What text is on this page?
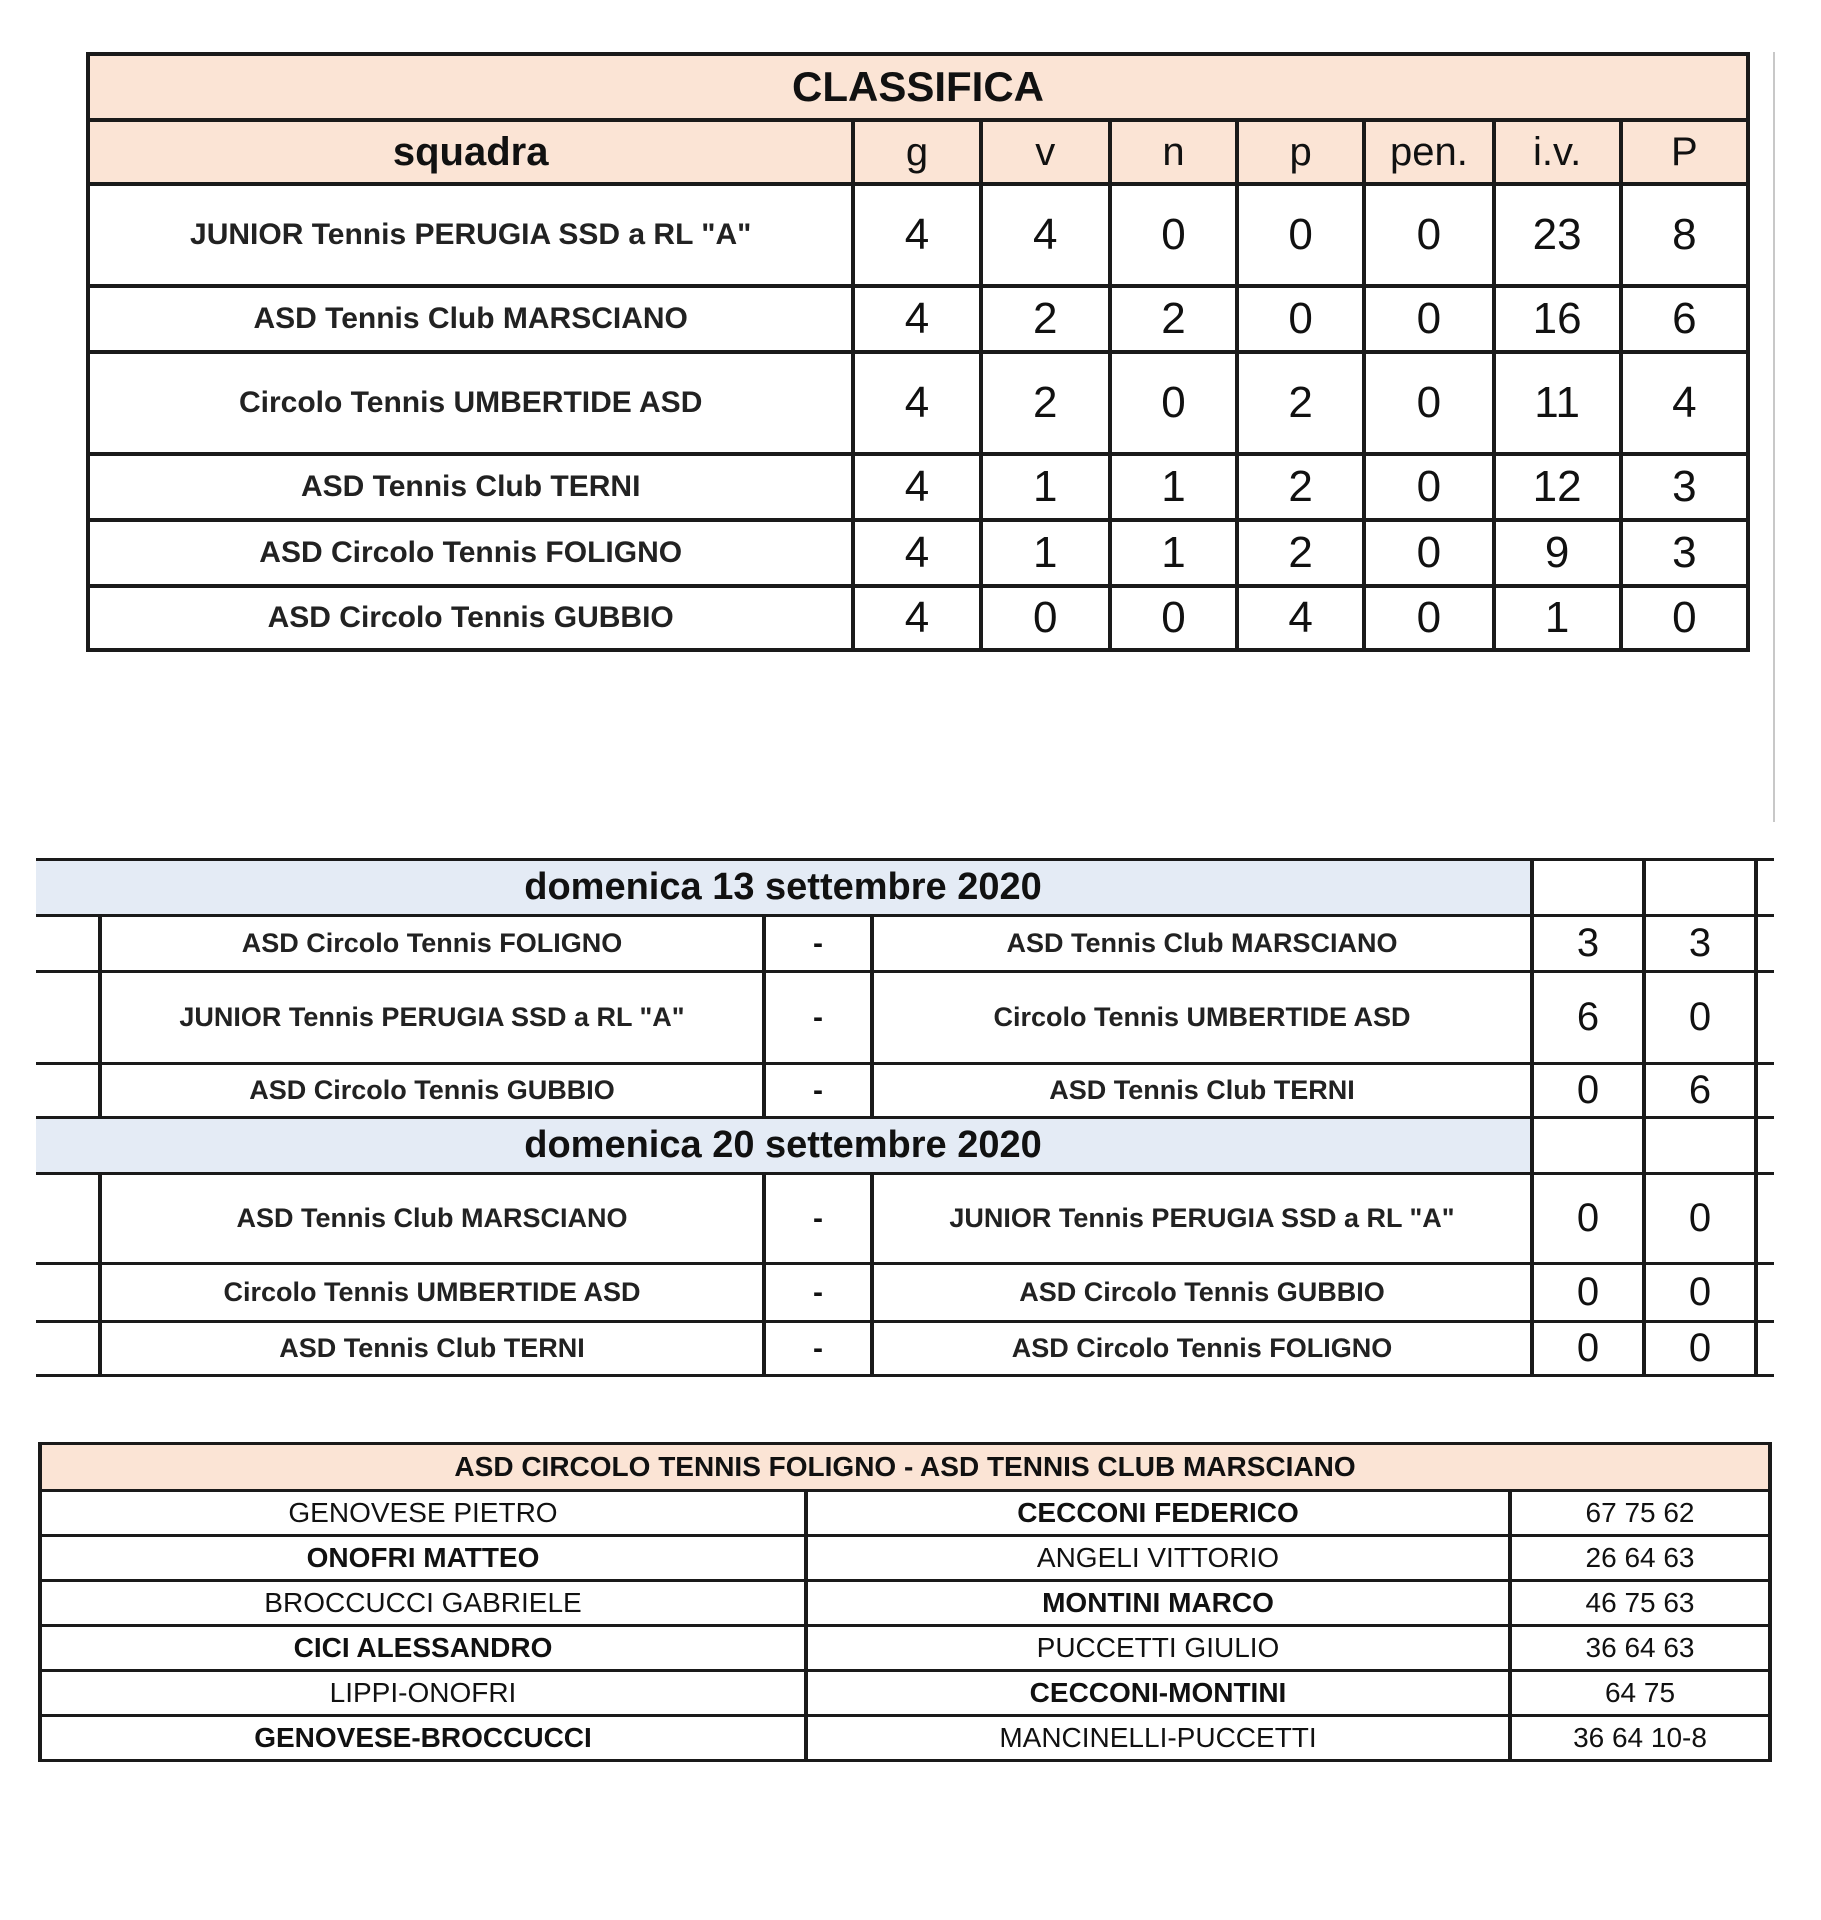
CLASSIFICA							
squadra	g	v	n	p	pen.	i.v.	P
JUNIOR Tennis PERUGIA SSD a RL "A"	4	4	0	0	0	23	8
ASD Tennis Club MARSCIANO	4	2	2	0	0	16	6
Circolo Tennis UMBERTIDE ASD	4	2	0	2	0	11	4
ASD Tennis Club TERNI	4	1	1	2	0	12	3
ASD Circolo Tennis FOLIGNO	4	1	1	2	0	9	3
ASD Circolo Tennis GUBBIO	4	0	0	4	0	1	0
domenica 13 settembre 2020						
	ASD Circolo Tennis FOLIGNO	-	ASD Tennis Club MARSCIANO	3	3	
	JUNIOR Tennis PERUGIA SSD a RL "A"	-	Circolo Tennis UMBERTIDE ASD	6	0	
	ASD Circolo Tennis GUBBIO	-	ASD Tennis Club TERNI	0	6	
domenica 20 settembre 2020						
	ASD Tennis Club MARSCIANO	-	JUNIOR Tennis PERUGIA SSD a RL "A"	0	0	
	Circolo Tennis UMBERTIDE ASD	-	ASD Circolo Tennis GUBBIO	0	0	
	ASD Tennis Club TERNI	-	ASD Circolo Tennis FOLIGNO	0	0	
ASD CIRCOLO TENNIS FOLIGNO - ASD TENNIS CLUB MARSCIANO		
GENOVESE PIETRO	CECCONI FEDERICO	67 75 62
ONOFRI MATTEO	ANGELI VITTORIO	26 64 63
BROCCUCCI GABRIELE	MONTINI MARCO	46 75 63
CICI ALESSANDRO	PUCCETTI GIULIO	36 64 63
LIPPI-ONOFRI	CECCONI-MONTINI	64 75
GENOVESE-BROCCUCCI	MANCINELLI-PUCCETTI	36 64 10-8
